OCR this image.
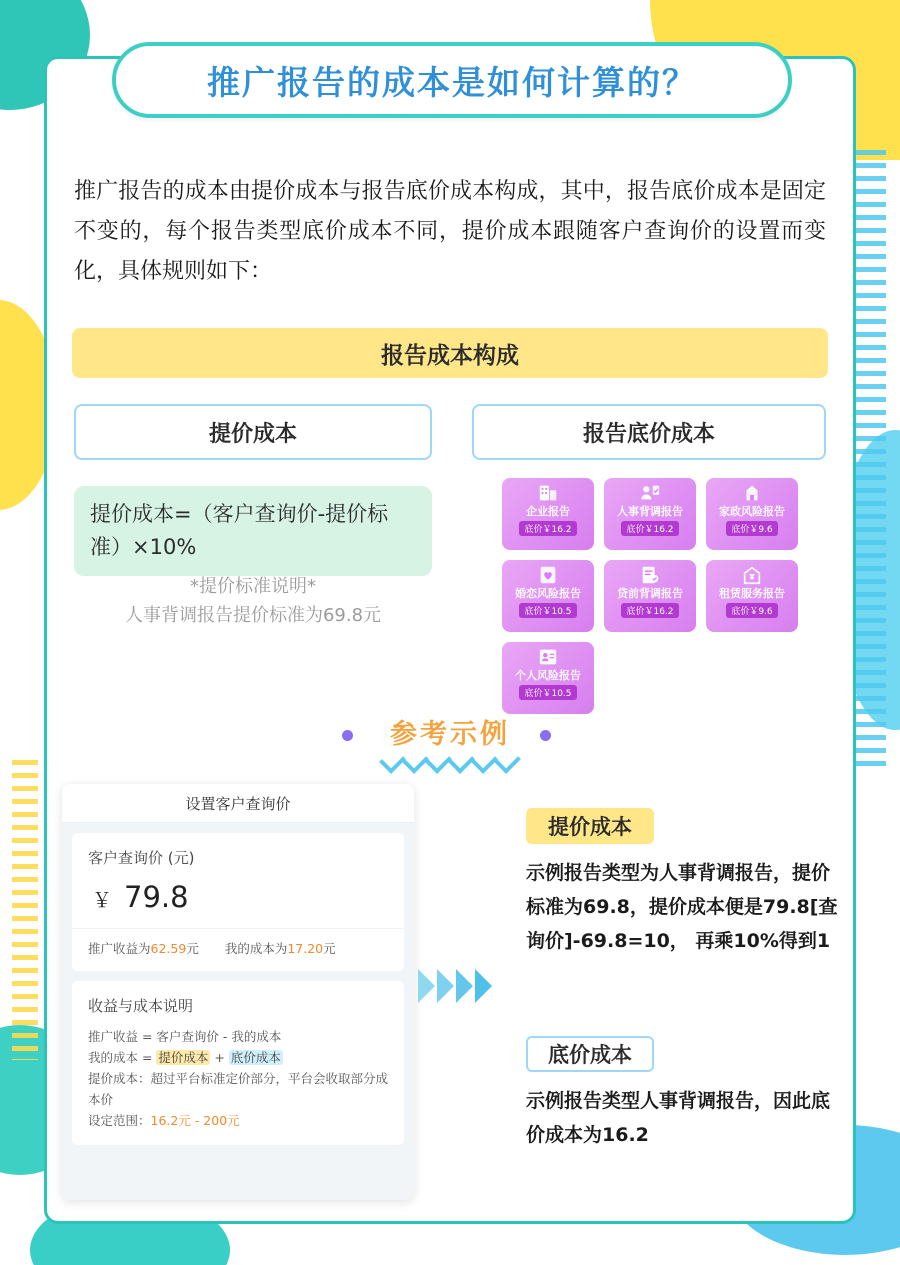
推广报告的成本是如何计算的？
推广报告的成本由提价成本与报告底价成本构成，其中，报告底价成本是固定不变的，每个报告类型底价成本不同，提价成本跟随客户查询价的设置而变化，具体规则如下：
报告成本构成
提价成本	报告底价成本
提价成本=（客户查询价-提价标准）×10%
*提价标准说明*
人事背调报告提价标准为69.8元
企业报告
底价￥16.2
人事背调报告
底价￥16.2
家政风险报告
底价￥9.6
婚恋风险报告
底价￥10.5
贷前背调报告
底价￥16.2
租赁服务报告
底价￥9.6
个人风险报告
底价￥10.5
参考示例
设置客户查询价
客户查询价 (元)
￥ 79.8
推广收益为62.59元 我的成本为17.20元
收益与成本说明
推广收益 = 客户查询价 - 我的成本
我的成本 = 提价成本 + 底价成本
提价成本：超过平台标准定价部分，平台会收取部分成本价
设定范围：16.2元 - 200元
提价成本
示例报告类型为人事背调报告，提价标准为69.8，提价成本便是79.8[查询价]-69.8=10， 再乘10%得到1
底价成本
示例报告类型人事背调报告，因此底价成本为16.2
